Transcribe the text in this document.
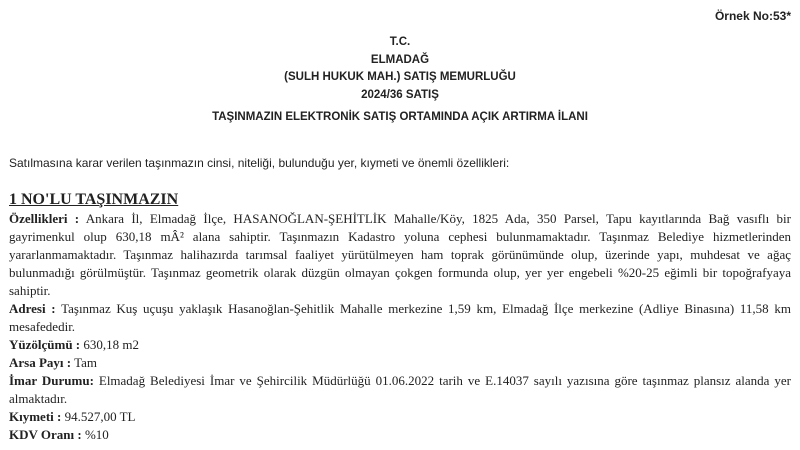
Örnek No:53*
T.C.
ELMADAĞ
(SULH HUKUK MAH.) SATIŞ MEMURLUĞU
2024/36 SATIŞ
TAŞINMAZIN ELEKTRONİK SATIŞ ORTAMINDA AÇIK ARTIRMA İLANI
Satılmasına karar verilen taşınmazın cinsi, niteliği, bulunduğu yer, kıymeti ve önemli özellikleri:
1 NO'LU TAŞINMAZIN

Özellikleri : Ankara İl, Elmadağ İlçe, HASANOĞLAN-ŞEHİTLİK Mahalle/Köy, 1825 Ada, 350 Parsel, Tapu kayıtlarında Bağ vasıflı bir gayrimenkul olup 630,18 mÂ² alana sahiptir. Taşınmazın Kadastro yoluna cephesi bulunmamaktadır. Taşınmaz Belediye hizmetlerinden yararlanmamaktadır. Taşınmaz halihazırda tarımsal faaliyet yürütülmeyen ham toprak görünümünde olup, üzerinde yapı, muhdesat ve ağaç bulunmadığı görülmüştür. Taşınmaz geometrik olarak düzgün olmayan çokgen formunda olup, yer yer engebeli %20-25 eğimli bir topoğrafyaya sahiptir.

Adresi : Taşınmaz Kuş uçuşu yaklaşık Hasanoğlan-Şehitlik Mahalle merkezine 1,59 km, Elmadağ İlçe merkezine (Adliye Binasına) 11,58 km mesafededir.

Yüzölçümü : 630,18 m2

Arsa Payı : Tam

İmar Durumu: Elmadağ Belediyesi İmar ve Şehircilik Müdürlüğü 01.06.2022 tarih ve E.14037 sayılı yazısına göre taşınmaz plansız alanda yer almaktadır.

Kıymeti : 94.527,00 TL

KDV Oranı : %10
